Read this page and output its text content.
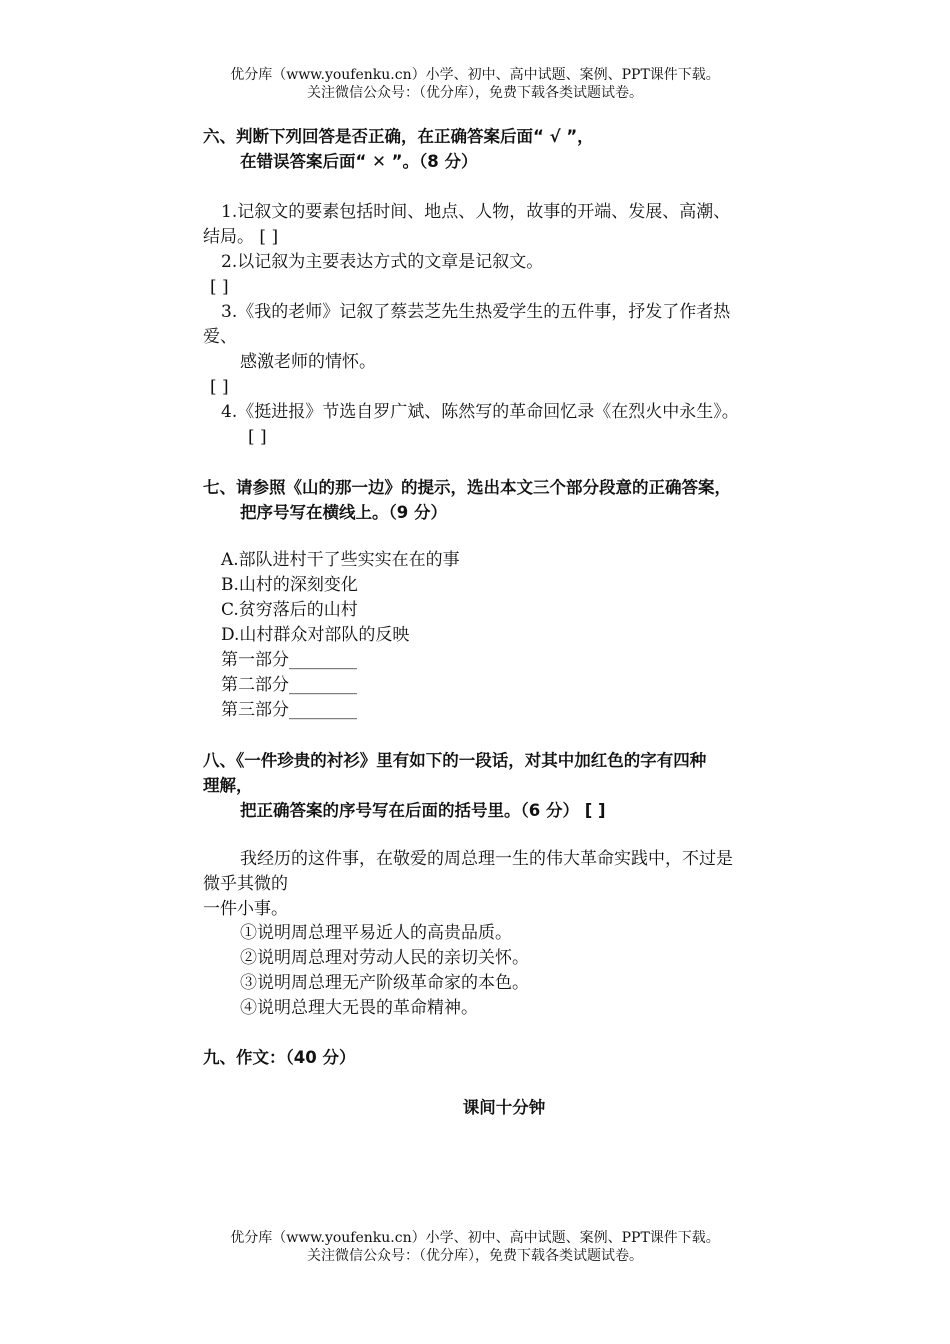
优分库（www.youfenku.cn）小学、初中、高中试题、案例、PPT课件下载。
关注微信公众号：（优分库），免费下载各类试题试卷。
六、判断下列回答是否正确，在正确答案后面“ √ ”，
在错误答案后面“ ✕ ”。（8 分）
1.记叙文的要素包括时间、地点、人物，故事的开端、发展、高潮、
结局。 [ ]
2.以记叙为主要表达方式的文章是记叙文。
[ ]
3.《我的老师》记叙了蔡芸芝先生热爱学生的五件事，抒发了作者热
爱、
感激老师的情怀。
[ ]
4.《挺进报》节选自罗广斌、陈然写的革命回忆录《在烈火中永生》。
[ ]
七、请参照《山的那一边》的提示，选出本文三个部分段意的正确答案，
把序号写在横线上。（9 分）
A.部队进村干了些实实在在的事
B.山村的深刻变化
C.贫穷落后的山村
D.山村群众对部队的反映
第一部分________
第二部分________
第三部分________
八、《一件珍贵的衬衫》里有如下的一段话，对其中加红色的字有四种
理解，
把正确答案的序号写在后面的括号里。（6 分） [ ]
我经历的这件事，在敬爱的周总理一生的伟大革命实践中，不过是
微乎其微的
一件小事。
①说明周总理平易近人的高贵品质。
②说明周总理对劳动人民的亲切关怀。
③说明周总理无产阶级革命家的本色。
④说明总理大无畏的革命精神。
九、作文：（40 分）
课间十分钟
优分库（www.youfenku.cn）小学、初中、高中试题、案例、PPT课件下载。
关注微信公众号：（优分库），免费下载各类试题试卷。
